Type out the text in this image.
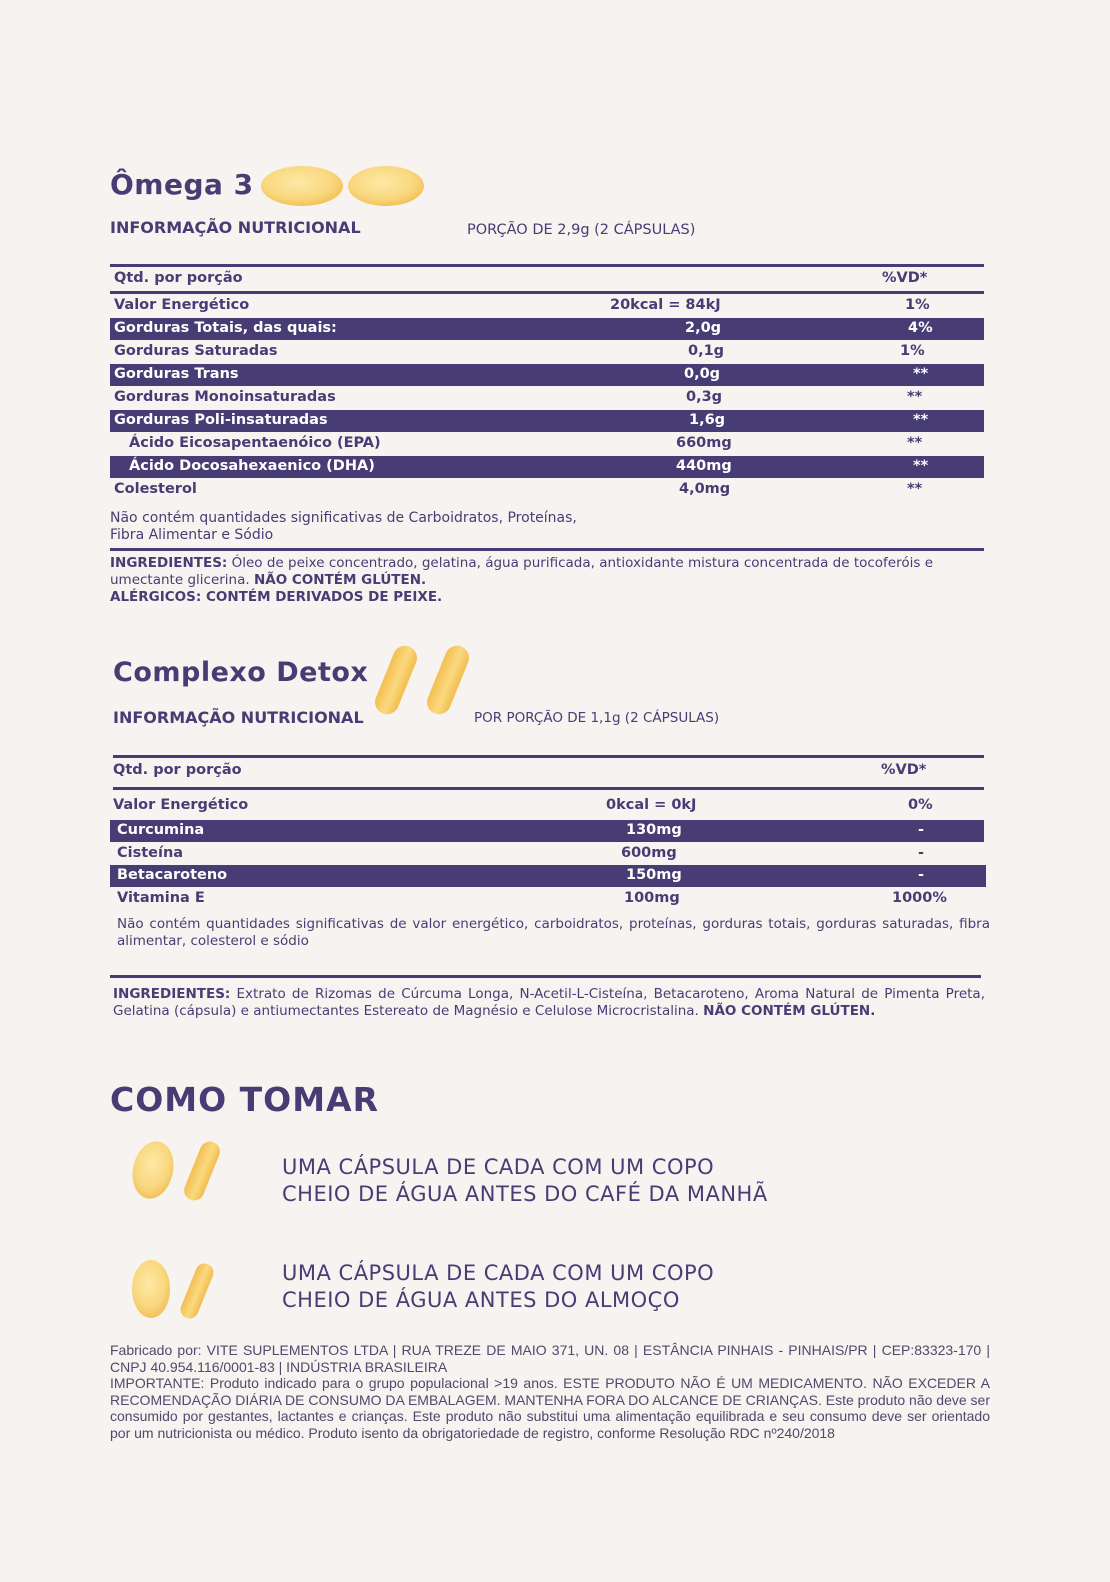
Ômega 3
INFORMAÇÃO NUTRICIONAL	PORÇÃO DE 2,9g (2 CÁPSULAS)
Qtd. por porção	%VD*
Valor Energético	20kcal = 84kJ	1%
Gorduras Totais, das quais:	2,0g	4%
Gorduras Saturadas	0,1g	1%
Gorduras Trans	0,0g	**
Gorduras Monoinsaturadas	0,3g	**
Gorduras Poli-insaturadas	1,6g	**
Ácido Eicosapentaenóico (EPA)	660mg	**
Ácido Docosahexaenico (DHA)	440mg	**
Colesterol	4,0mg	**
Não contém quantidades significativas de Carboidratos, Proteínas,
Fibra Alimentar e Sódio
INGREDIENTES: Óleo de peixe concentrado, gelatina, água purificada, antioxidante mistura concentrada de tocoferóis e umectante glicerina. NÃO CONTÉM GLÚTEN.
ALÉRGICOS: CONTÉM DERIVADOS DE PEIXE.
Complexo Detox
INFORMAÇÃO NUTRICIONAL	POR PORÇÃO DE 1,1g (2 CÁPSULAS)
Qtd. por porção	%VD*
Valor Energético	0kcal = 0kJ	0%
Curcumina	130mg	-
Cisteína	600mg	-
Betacaroteno	150mg	-
Vitamina E	100mg	1000%
Não contém quantidades significativas de valor energético, carboidratos, proteínas, gorduras totais, gorduras saturadas, fibra alimentar, colesterol e sódio
INGREDIENTES: Extrato de Rizomas de Cúrcuma Longa, N-Acetil-L-Cisteína, Betacaroteno, Aroma Natural de Pimenta Preta, Gelatina (cápsula) e antiumectantes Estereato de Magnésio e Celulose Microcristalina. NÃO CONTÉM GLÚTEN.
COMO TOMAR
UMA CÁPSULA DE CADA COM UM COPO
CHEIO DE ÁGUA ANTES DO CAFÉ DA MANHÃ
UMA CÁPSULA DE CADA COM UM COPO
CHEIO DE ÁGUA ANTES DO ALMOÇO
Fabricado por: VITE SUPLEMENTOS LTDA | RUA TREZE DE MAIO 371, UN. 08 | ESTÂNCIA PINHAIS - PINHAIS/PR | CEP:83323-170 | CNPJ 40.954.116/0001-83 | INDÚSTRIA BRASILEIRA
IMPORTANTE: Produto indicado para o grupo populacional >19 anos. ESTE PRODUTO NÃO É UM MEDICAMENTO. NÃO EXCEDER A RECOMENDAÇÃO DIÁRIA DE CONSUMO DA EMBALAGEM. MANTENHA FORA DO ALCANCE DE CRIANÇAS. Este produto não deve ser consumido por gestantes, lactantes e crianças. Este produto não substitui uma alimentação equilibrada e seu consumo deve ser orientado por um nutricionista ou médico. Produto isento da obrigatoriedade de registro, conforme Resolução RDC nº240/2018
